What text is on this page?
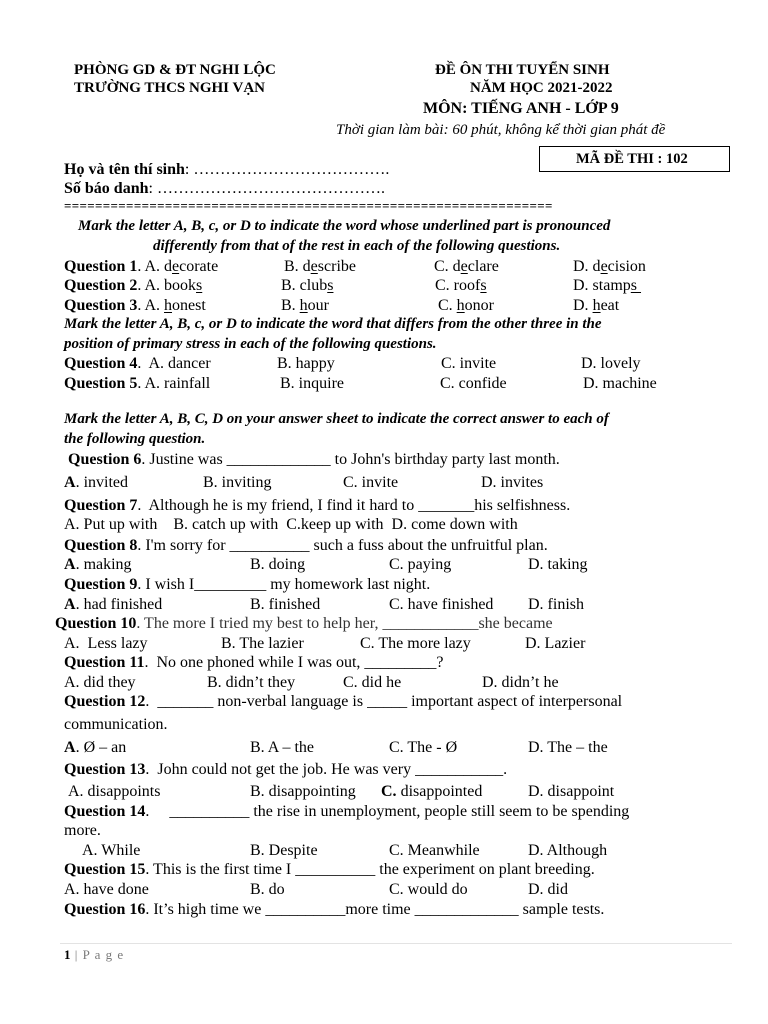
PHÒNG GD & ĐT NGHI LỘC
TRƯỜNG THCS NGHI VẠN
ĐỀ ÔN THI TUYỂN SINH
NĂM HỌC 2021-2022
MÔN: TIẾNG ANH - LỚP 9
Thời gian làm bài: 60 phút, không kể thời gian phát đề
MÃ ĐỀ THI : 102
Họ và tên thí sinh: ……………………………….
Số báo danh: …………………………………….
===============================================================
Mark the letter A, B, c, or D to indicate the word whose underlined part is pronounced
differently from that of the rest in each of the following questions.
Question 1. A. decorate	B. describe	C. declare	D. decision
Question 2. A. books	B. clubs	C. roofs	D. stamps
Question 3. A. honest	B. hour	C. honor	D. heat
Mark the letter A, B, c, or D to indicate the word that differs from the other three in the
position of primary stress in each of the following questions.
Question 4.  A. dancer	B. happy	C. invite	D. lovely
Question 5. A. rainfall	B. inquire	C. confide	D. machine
Mark the letter A, B, C, D on your answer sheet to indicate the correct answer to each of
the following question.
Question 6. Justine was _____________ to John's birthday party last month.
A. invited	B. inviting	C. invite	D. invites
Question 7.  Although he is my friend, I find it hard to _______his selfishness.
A. Put up with    B. catch up with  C.keep up with  D. come down with
Question 8. I'm sorry for __________ such a fuss about the unfruitful plan.
A. making	B. doing	C. paying	D. taking
Question 9. I wish I_________ my homework last night.
A. had finished	B. finished	C. have finished D. finish
Question 10. The more I tried my best to help her, ____________she became
A.  Less lazy	B. The lazier	C. The more lazy	D. Lazier
Question 11.  No one phoned while I was out, _________?
A. did they	B. didn’t they	C. did he	D. didn’t he
Question 12.  _______ non-verbal language is _____ important aspect of interpersonal
communication.
A. Ø – an	B. A – the	C. The - Ø	D. The – the
Question 13.  John could not get the job. He was very ___________.
A. disappoints	B. disappointing C. disappointed	D. disappoint
Question 14.     __________ the rise in unemployment, people still seem to be spending
more.
A. While	B. Despite	C. Meanwhile	D. Although
Question 15. This is the first time I __________ the experiment on plant breeding.
A. have done	B. do	C. would do	D. did
Question 16. It’s high time we __________more time _____________ sample tests.
1 | P a g e
